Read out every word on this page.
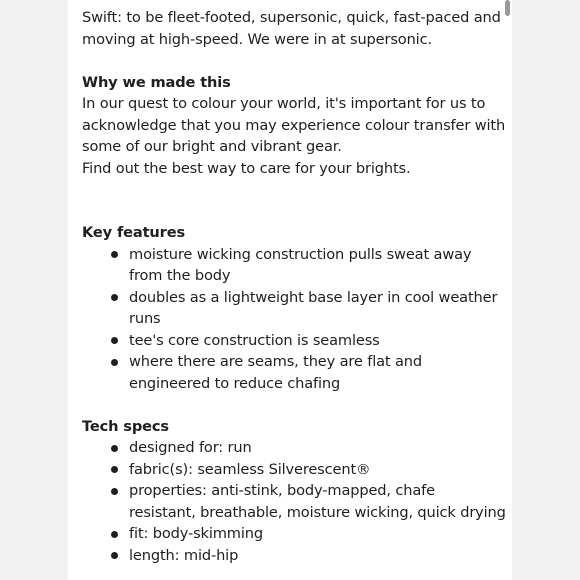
Swift: to be fleet-footed, supersonic, quick, fast-paced and

moving at high-speed. We were in at supersonic.

Why we made this

In our quest to colour your world, it's important for us to

acknowledge that you may experience colour transfer with

some of our bright and vibrant gear.

Find out the best way to care for your brights.

Key features

moisture wicking construction pulls sweat away from the body
doubles as a lightweight base layer in cool weather runs
tee's core construction is seamless
where there are seams, they are flat and engineered to reduce chafing

Tech specs

designed for: run
fabric(s): seamless Silverescent®
properties: anti-stink, body-mapped, chafe resistant, breathable, moisture wicking, quick drying
fit: body-skimming
length: mid-hip
